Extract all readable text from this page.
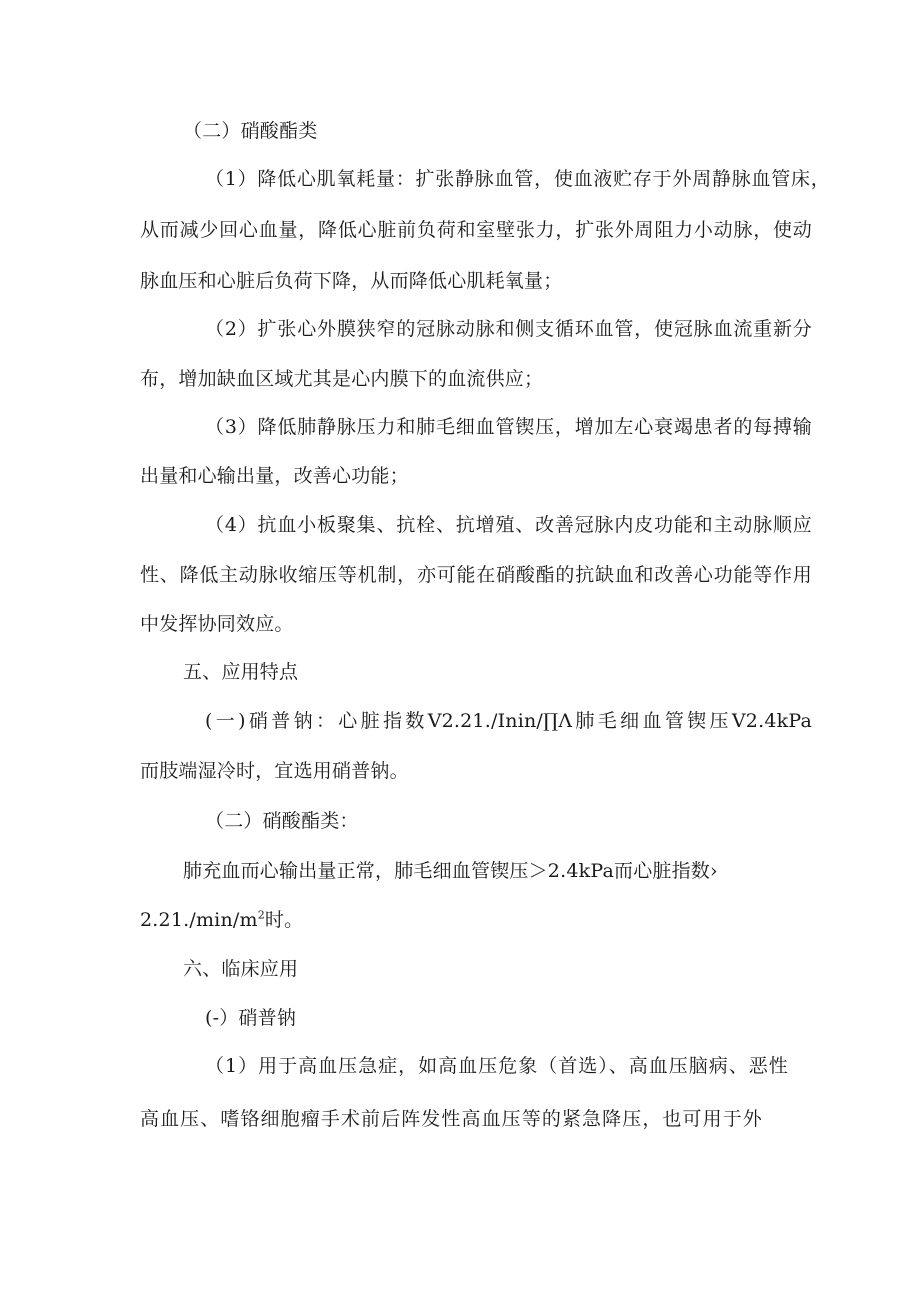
（二）硝酸酯类
（1）降低心肌氧耗量：扩张静脉血管，使血液贮存于外周静脉血管床，
从而减少回心血量，降低心脏前负荷和室壁张力，扩张外周阻力小动脉，使动
脉血压和心脏后负荷下降，从而降低心肌耗氧量；
（2）扩张心外膜狭窄的冠脉动脉和侧支循环血管，使冠脉血流重新分
布，增加缺血区域尤其是心内膜下的血流供应；
（3）降低肺静脉压力和肺毛细血管锲压，增加左心衰竭患者的每搏输
出量和心输出量，改善心功能；
（4）抗血小板聚集、抗栓、抗增殖、改善冠脉内皮功能和主动脉顺应
性、降低主动脉收缩压等机制，亦可能在硝酸酯的抗缺血和改善心功能等作用
中发挥协同效应。
五、应用特点
(一)硝普钠：心脏指数V2.21./Inin/∏Λ肺毛细血管锲压V2.4kPa
而肢端湿冷时，宜选用硝普钠。
（二）硝酸酯类：
肺充血而心输出量正常，肺毛细血管锲压＞2.4kPa而心脏指数›
$2.21./\min/m^2$时。
六、临床应用
(-）硝普钠
（1）用于高血压急症，如高血压危象（首选）、高血压脑病、恶性
高血压、嗜铬细胞瘤手术前后阵发性高血压等的紧急降压，也可用于外
